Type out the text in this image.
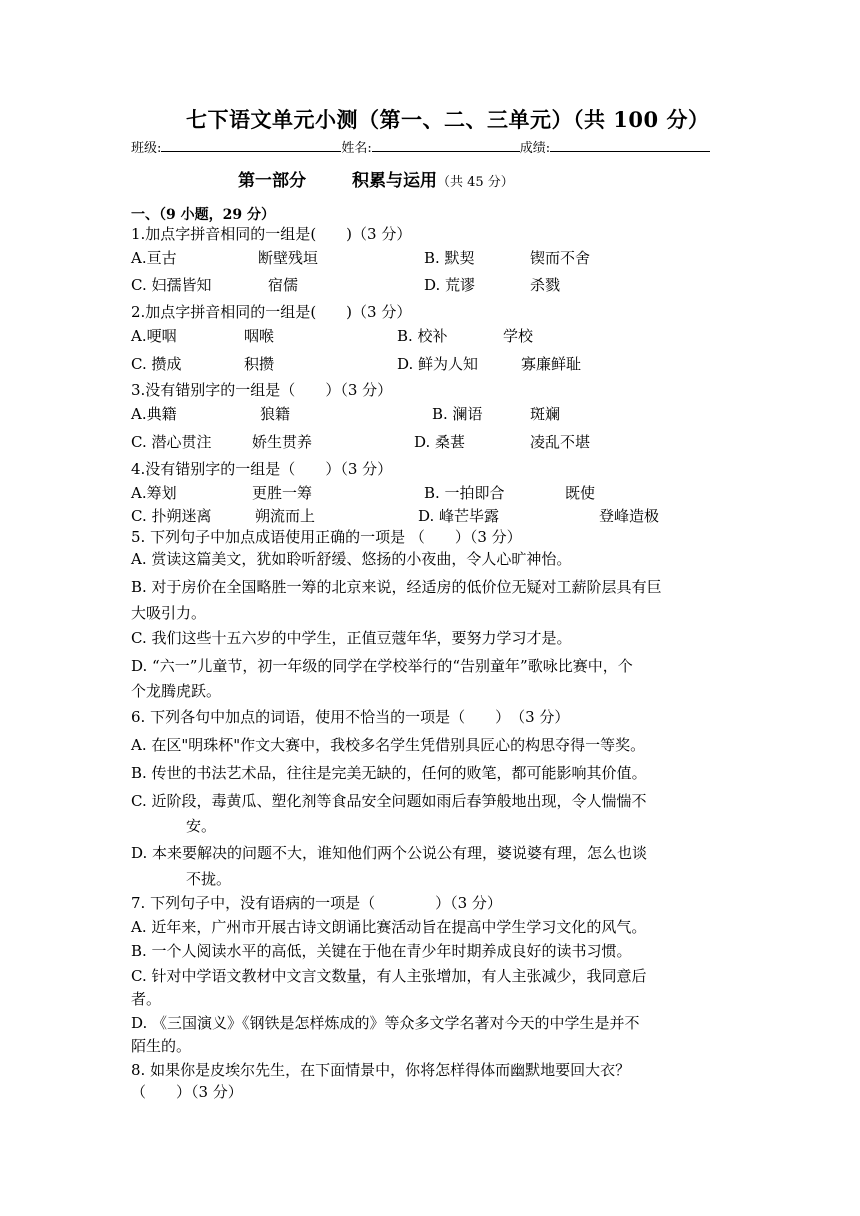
七下语文单元小测（第一、二、三单元）（共 100 分）
班级:	姓名:	成绩:
第一部分	积累与运用（共 45 分）
一、（9 小题，29 分）
1.加点字拼音相同的一组是(　　)（3 分）
A.亘古	断壁残垣	B. 默契	锲而不舍
C. 妇孺皆知	宿儒	D. 荒谬	杀戮
2.加点字拼音相同的一组是(　　)（3 分）
A.哽咽	咽喉	B. 校补	学校
C. 攒成	积攒	D. 鲜为人知	寡廉鲜耻
3.没有错别字的一组是（　　）（3 分）
A.典籍	狼籍	B. 澜语	斑斓
C. 潜心贯注	娇生贯养	D. 桑葚	凌乱不堪
4.没有错别字的一组是（　　）（3 分）
A.筹划	更胜一筹	B. 一拍即合	既使
C. 扑朔迷离	朔流而上	D. 峰芒毕露	登峰造极
5. 下列句子中加点成语使用正确的一项是 （　　）（3 分）
A. 赏读这篇美文，犹如聆听舒缓、悠扬的小夜曲，令人心旷神怡。
B. 对于房价在全国略胜一筹的北京来说，经适房的低价位无疑对工薪阶层具有巨
大吸引力。
C. 我们这些十五六岁的中学生，正值豆蔻年华，要努力学习才是。
D. “六一”儿童节，初一年级的同学在学校举行的“告别童年”歌咏比赛中，个
个龙腾虎跃。
6. 下列各句中加点的词语，使用不恰当的一项是（　　）　（3 分）
A. 在区"明珠杯"作文大赛中，我校多名学生凭借别具匠心的构思夺得一等奖。
B. 传世的书法艺术品，往往是完美无缺的，任何的败笔，都可能影响其价值。
C. 近阶段，毒黄瓜、塑化剂等食品安全问题如雨后春笋般地出现，令人惴惴不
安。
D. 本来要解决的问题不大，谁知他们两个公说公有理，婆说婆有理，怎么也谈
不拢。
7. 下列句子中，没有语病的一项是（　　　　）（3 分）
A. 近年来，广州市开展古诗文朗诵比赛活动旨在提高中学生学习文化的风气。
B. 一个人阅读水平的高低，关键在于他在青少年时期养成良好的读书习惯。
C. 针对中学语文教材中文言文数量，有人主张增加，有人主张减少，我同意后
者。
D. 《三国演义》《钢铁是怎样炼成的》等众多文学名著对今天的中学生是并不
陌生的。
8. 如果你是皮埃尔先生，在下面情景中，你将怎样得体而幽默地要回大衣？
（　　）（3 分）
